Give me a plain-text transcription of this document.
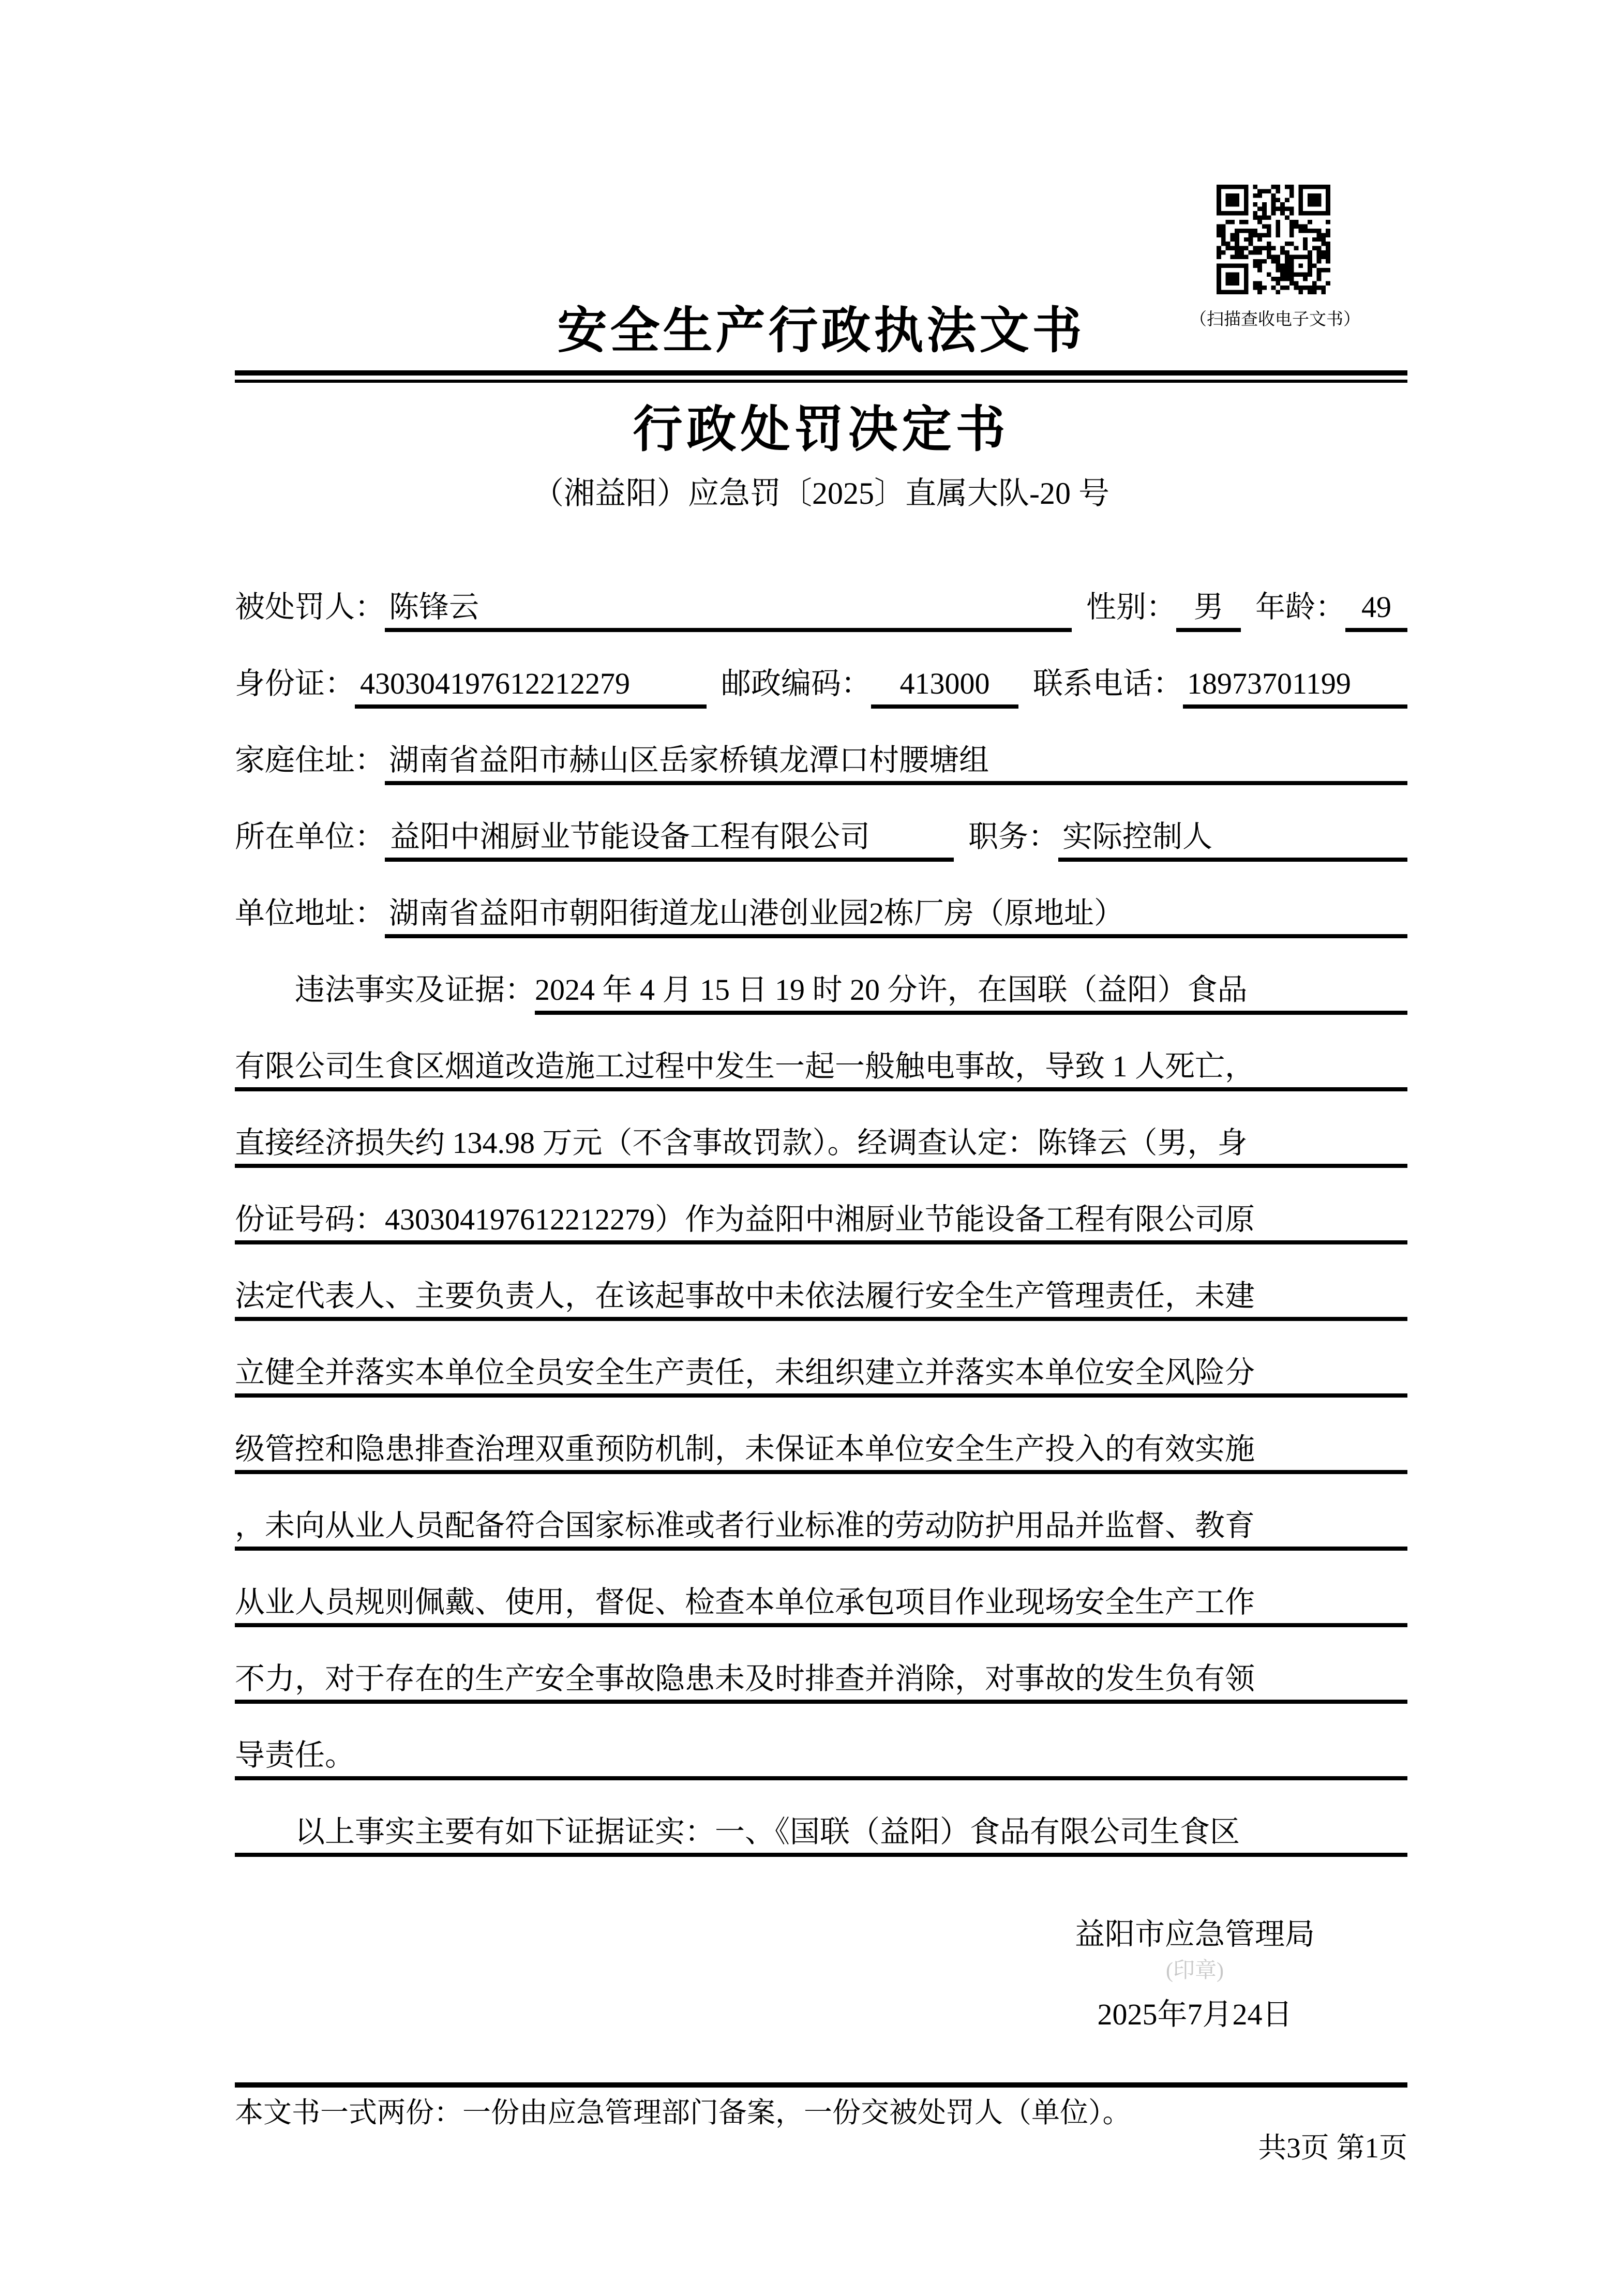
（扫描查收电子文书）
安全生产行政执法文书
行政处罚决定书
（湘益阳）应急罚〔2025〕直属大队-20 号
被处罚人： 陈锋云	性别： 男	年龄： 49
身份证： 430304197612212279	邮政编码： 413000	联系电话： 18973701199
家庭住址： 湖南省益阳市赫山区岳家桥镇龙潭口村腰塘组
所在单位： 益阳中湘厨业节能设备工程有限公司	职务： 实际控制人
单位地址： 湖南省益阳市朝阳街道龙山港创业园2栋厂房（原地址）
违法事实及证据： 2024 年 4 月 15 日 19 时 20 分许，在国联（益阳）食品
有限公司生食区烟道改造施工过程中发生一起一般触电事故，导致 1 人死亡，
直接经济损失约 134.98 万元（不含事故罚款）。经调查认定：陈锋云（男，身
份证号码：430304197612212279）作为益阳中湘厨业节能设备工程有限公司原
法定代表人、主要负责人，在该起事故中未依法履行安全生产管理责任，未建
立健全并落实本单位全员安全生产责任，未组织建立并落实本单位安全风险分
级管控和隐患排查治理双重预防机制，未保证本单位安全生产投入的有效实施
，未向从业人员配备符合国家标准或者行业标准的劳动防护用品并监督、教育
从业人员规则佩戴、使用，督促、检查本单位承包项目作业现场安全生产工作
不力，对于存在的生产安全事故隐患未及时排查并消除，对事故的发生负有领
导责任。
以上事实主要有如下证据证实：一、《国联（益阳）食品有限公司生食区
益阳市应急管理局
(印章)
2025年7月24日
本文书一式两份：一份由应急管理部门备案，一份交被处罚人（单位）。
共3页 第1页
